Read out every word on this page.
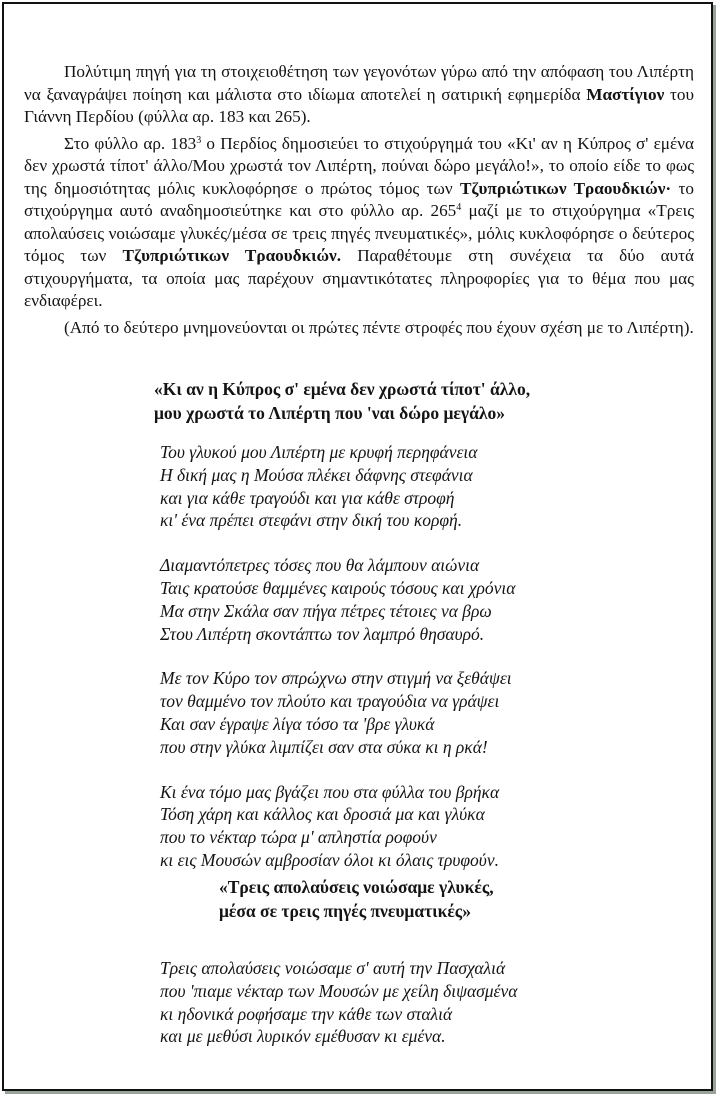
Πολύτιμη πηγή για τη στοιχειοθέτηση των γεγονότων γύρω από την απόφαση του Λιπέρτη να ξαναγράψει ποίηση και μάλιστα στο ιδίωμα αποτελεί η σατιρική εφημερίδα Μαστίγιον του Γιάννη Περδίου (φύλλα αρ. 183 και 265).

Στο φύλλο αρ. $183^3$ ο Περδίος δημοσιεύει το στιχούργημά του «Κι' αν η Κύπρος σ' εμένα δεν χρωστά τίποτ' άλλο/Μου χρωστά τον Λιπέρτη, πούναι δώρο μεγάλο!», το οποίο είδε το φως της δημοσιότητας μόλις κυκλοφόρησε ο πρώτος τόμος των Τζυπριώτικων Τραουδκιών· το στιχούργημα αυτό αναδημοσιεύτηκε και στο φύλλο αρ. $265^4$ μαζί με το στιχούργημα «Τρεις απολαύσεις νοιώσαμε γλυκές/μέσα σε τρεις πηγές πνευματικές», μόλις κυκλοφόρησε ο δεύτερος τόμος των Τζυπριώτικων Τραουδκιών. Παραθέτουμε στη συνέχεια τα δύο αυτά στιχουργήματα, τα οποία μας παρέχουν σημαντικότατες πληροφορίες για το θέμα που μας ενδιαφέρει.

(Από το δεύτερο μνημονεύονται οι πρώτες πέντε στροφές που έχουν σχέση με το Λιπέρτη).

«Κι αν η Κύπρος σ' εμένα δεν χρωστά τίποτ' άλλο,
μου χρωστά το Λιπέρτη που 'ναι δώρο μεγάλο»
Του γλυκού μου Λιπέρτη με κρυφή περηφάνεια
Η δική μας η Μούσα πλέκει δάφνης στεφάνια
και για κάθε τραγούδι και για κάθε στροφή
κι' ένα πρέπει στεφάνι στην δική του κορφή.
Διαμαντόπετρες τόσες που θα λάμπουν αιώνια
Ταις κρατούσε θαμμένες καιρούς τόσους και χρόνια
Μα στην Σκάλα σαν πήγα πέτρες τέτοιες να βρω
Στου Λιπέρτη σκοντάπτω τον λαμπρό θησαυρό.
Με τον Κύρο τον σπρώχνω στην στιγμή να ξεθάψει
τον θαμμένο τον πλούτο και τραγούδια να γράψει
Και σαν έγραψε λίγα τόσο τα 'βρε γλυκά
που στην γλύκα λιμπίζει σαν στα σύκα κι η ρκά!
Κι ένα τόμο μας βγάζει που στα φύλλα του βρήκα
Τόση χάρη και κάλλος και δροσιά μα και γλύκα
που το νέκταρ τώρα μ' απληστία ροφούν
κι εις Μουσών αμβροσίαν όλοι κι όλαις τρυφούν.
«Τρεις απολαύσεις νοιώσαμε γλυκές,
μέσα σε τρεις πηγές πνευματικές»
Τρεις απολαύσεις νοιώσαμε σ' αυτή την Πασχαλιά
που 'πιαμε νέκταρ των Μουσών με χείλη διψασμένα
κι ηδονικά ροφήσαμε την κάθε των σταλιά
και με μεθύσι λυρικόν εμέθυσαν κι εμένα.
